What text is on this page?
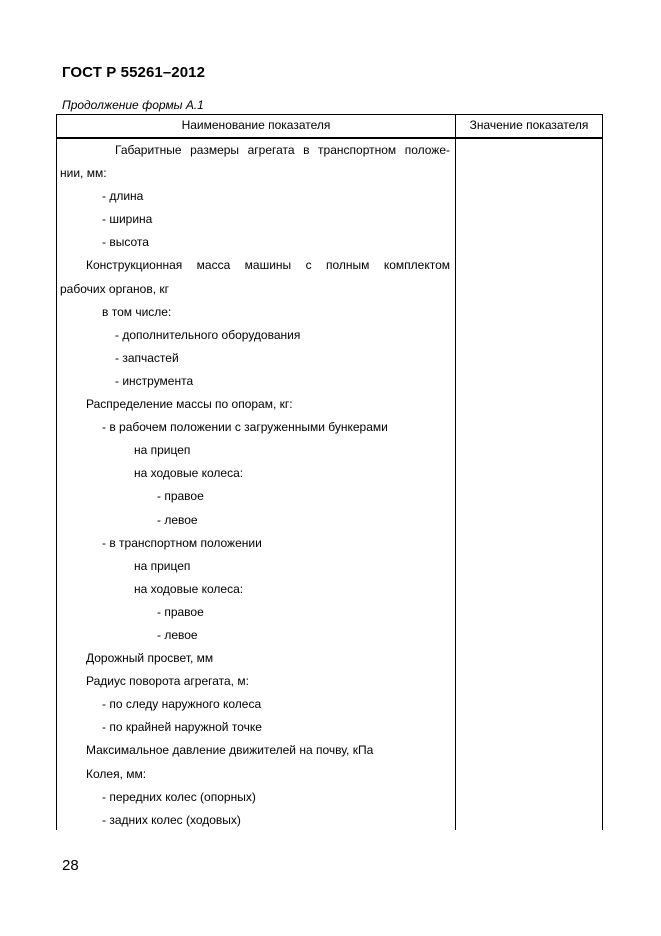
ГОСТ Р 55261–2012
Продолжение формы А.1
Наименование показателя	Значение показателя
Габаритные размеры агрегата в транспортном положе-
нии, мм:
- длина
- ширина
- высота
Конструкционная масса машины с полным комплектом
рабочих органов, кг
в том числе:
- дополнительного оборудования
- запчастей
- инструмента
Распределение массы по опорам, кг:
- в рабочем положении с загруженными бункерами
на прицеп
на ходовые колеса:
- правое
- левое
- в транспортном положении
на прицеп
на ходовые колеса:
- правое
- левое
Дорожный просвет, мм
Радиус поворота агрегата, м:
- по следу наружного колеса
- по крайней наружной точке
Максимальное давление движителей на почву, кПа
Колея, мм:
- передних колес (опорных)
- задних колес (ходовых)
28
